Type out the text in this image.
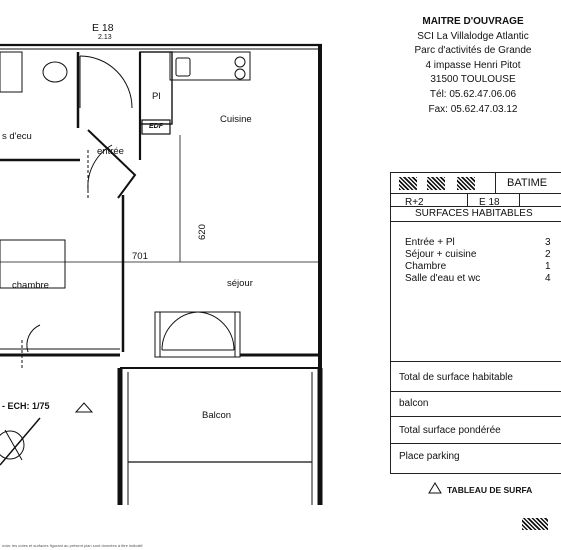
E 18
2.13
s d'ecu
entrée
Pl
EDF
Cuisine
620
701
chambre	séjour
Balcon
- ECH: 1/75
nota: les cotes et surfaces figurant au présent plan sont données à titre indicatif
MAITRE D'OUVRAGE
SCI La Villalodge Atlantic
Parc d'activités de Grande
4 impasse Henri Pitot
31500 TOULOUSE
Tél: 05.62.47.06.06
Fax: 05.62.47.03.12
BATIME
R+2	E 18
SURFACES HABITABLES
Entrée + Pl	3
Séjour + cuisine	2
Chambre	1
Salle d'eau et wc	4
Total de surface habitable
balcon
Total surface pondérée
Place parking
TABLEAU DE SURFA
